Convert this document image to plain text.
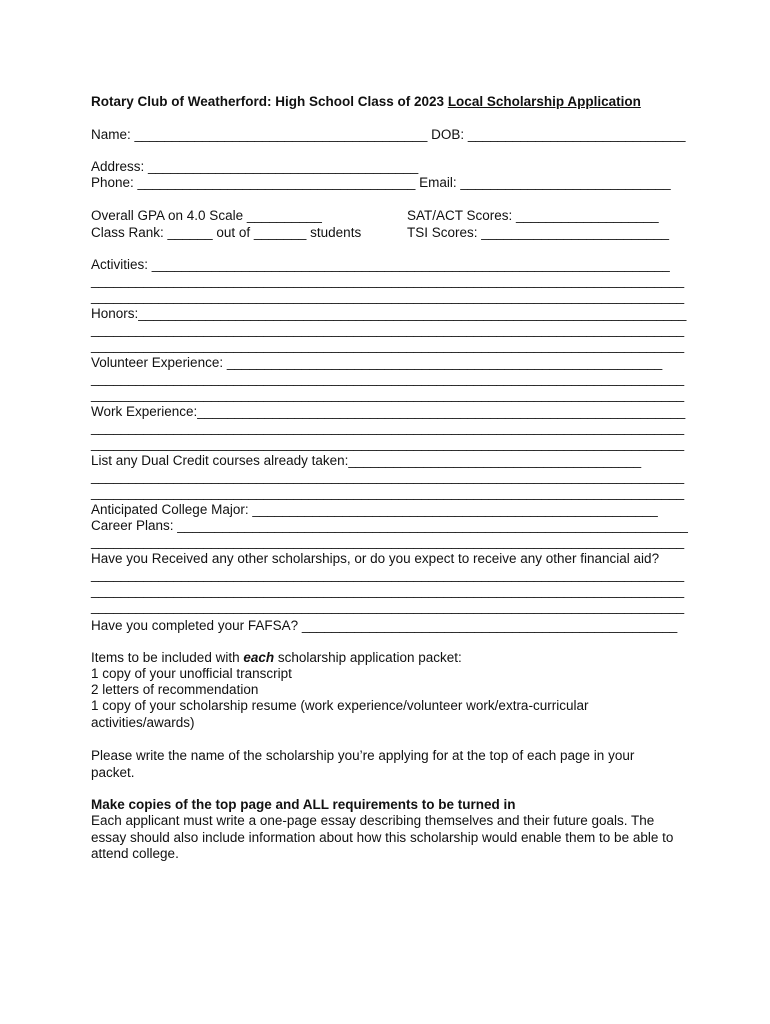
Rotary Club of Weatherford: High School Class of 2023 Local Scholarship Application
Name: _______________________________________ DOB: _____________________________
Address: ____________________________________
Phone: _____________________________________ Email: ____________________________
Overall GPA on 4.0 Scale __________	SAT/ACT Scores: ___________________
Class Rank: ______ out of _______ students	TSI Scores: _________________________
Activities: _____________________________________________________________________
_______________________________________________________________________________
_______________________________________________________________________________
Honors:_________________________________________________________________________
_______________________________________________________________________________
_______________________________________________________________________________
Volunteer Experience: __________________________________________________________
_______________________________________________________________________________
_______________________________________________________________________________
Work Experience:_________________________________________________________________
_______________________________________________________________________________
_______________________________________________________________________________
List any Dual Credit courses already taken:_______________________________________
_______________________________________________________________________________
_______________________________________________________________________________
Anticipated College Major: ______________________________________________________
Career Plans: ____________________________________________________________________
_______________________________________________________________________________
Have you Received any other scholarships, or do you expect to receive any other financial aid?
_______________________________________________________________________________
_______________________________________________________________________________
_______________________________________________________________________________
Have you completed your FAFSA? __________________________________________________
Items to be included with each scholarship application packet:
1 copy of your unofficial transcript
2 letters of recommendation
1 copy of your scholarship resume (work experience/volunteer work/extra-curricular activities/awards)
Please write the name of the scholarship you’re applying for at the top of each page in your packet.
Make copies of the top page and ALL requirements to be turned in
Each applicant must write a one-page essay describing themselves and their future goals. The essay should also include information about how this scholarship would enable them to be able to attend college.
